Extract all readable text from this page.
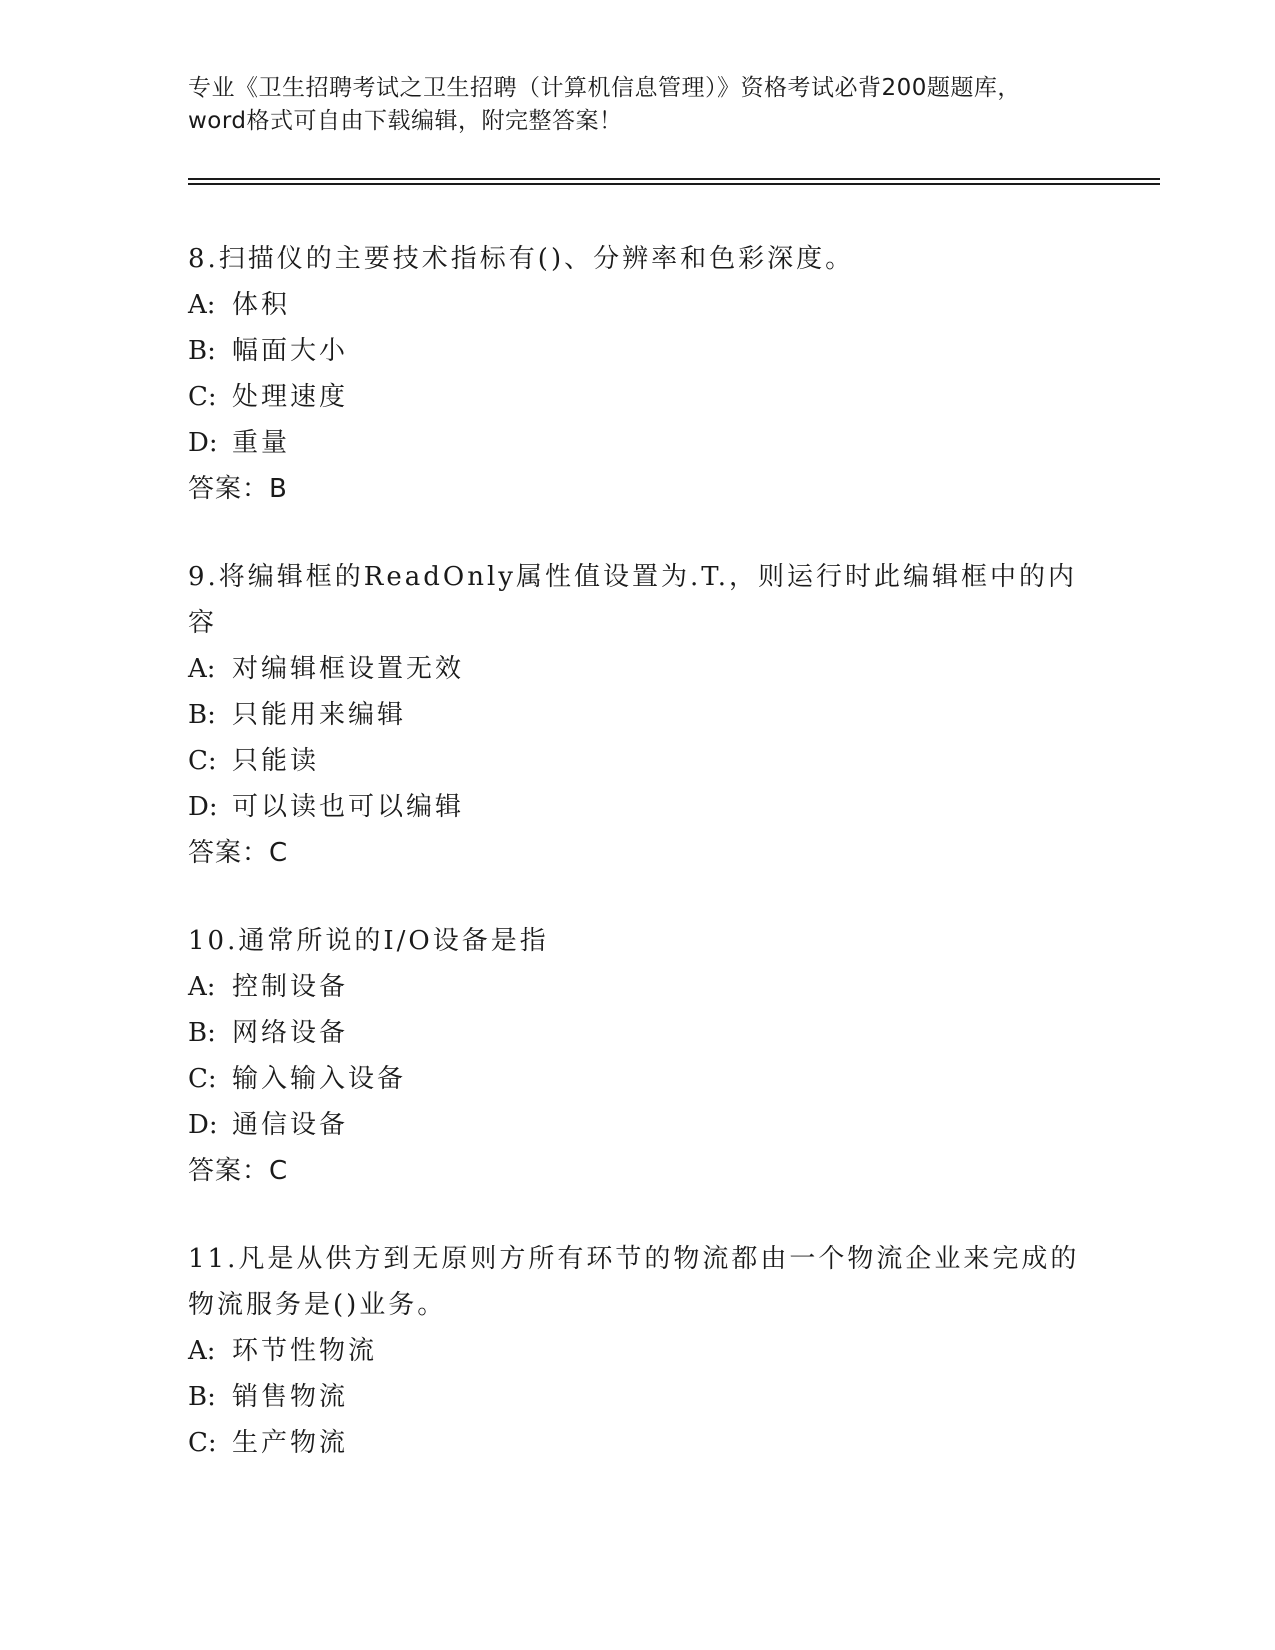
专业《卫生招聘考试之卫生招聘（计算机信息管理）》资格考试必背200题题库，
word格式可自由下载编辑，附完整答案！
8.扫描仪的主要技术指标有()、分辨率和色彩深度。
A: 体积
B: 幅面大小
C: 处理速度
D: 重量
答案：B
9.将编辑框的ReadOnly属性值设置为.T.，则运行时此编辑框中的内容
A: 对编辑框设置无效
B: 只能用来编辑
C: 只能读
D: 可以读也可以编辑
答案：C
10.通常所说的I/O设备是指
A: 控制设备
B: 网络设备
C: 输入输入设备
D: 通信设备
答案：C
11.凡是从供方到无原则方所有环节的物流都由一个物流企业来完成的物流服务是()业务。
A: 环节性物流
B: 销售物流
C: 生产物流
